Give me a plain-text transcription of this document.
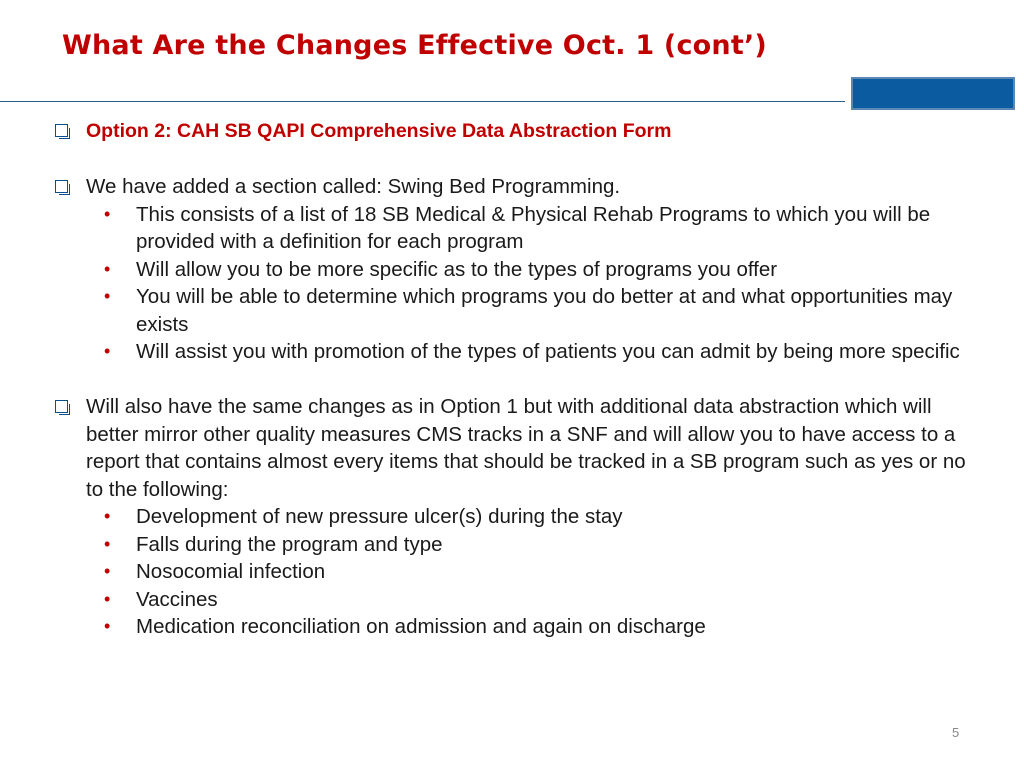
What Are the Changes Effective Oct. 1 (cont’)
Option 2: CAH SB QAPI Comprehensive Data Abstraction Form
We have added a section called: Swing Bed Programming.
• This consists of a list of 18 SB Medical & Physical Rehab Programs to which you will be provided with a definition for each program
• Will allow you to be more specific as to the types of programs you offer
• You will be able to determine which programs you do better at and what opportunities may exists
• Will assist you with promotion of the types of patients you can admit by being more specific
Will also have the same changes as in Option 1 but with additional data abstraction which will better mirror other quality measures CMS tracks in a SNF and will allow you to have access to a report that contains almost every items that should be tracked in a SB program such as yes or no to the following:
• Development of new pressure ulcer(s) during the stay
• Falls during the program and type
• Nosocomial infection
• Vaccines
• Medication reconciliation on admission and again on discharge
5
